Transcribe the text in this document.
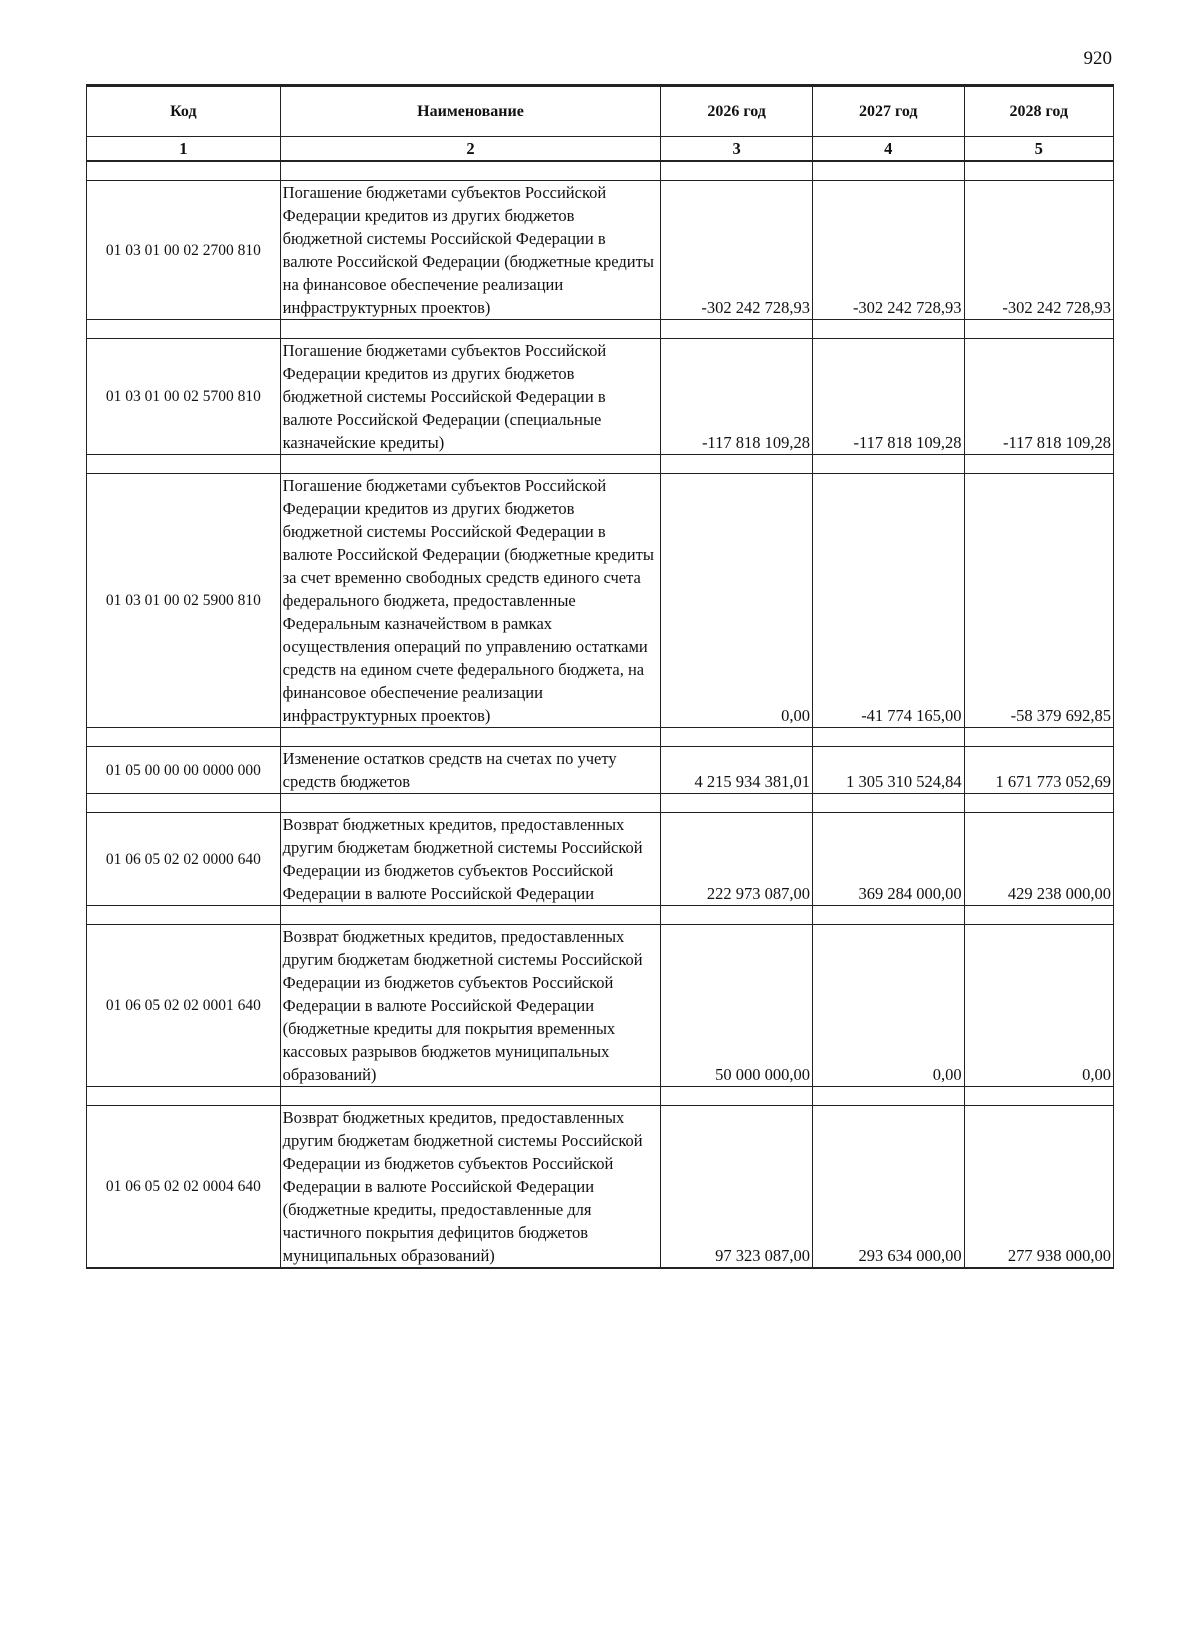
920
Код	Наименование	2026 год	2027 год	2028 год
1	2	3	4	5

01 03 01 00 02 2700 810	Погашение бюджетами субъектов Российской Федерации кредитов из других бюджетов бюджетной системы Российской Федерации в валюте Российской Федерации (бюджетные кредиты на финансовое обеспечение реализации инфраструктурных проектов)	-302 242 728,93	-302 242 728,93	-302 242 728,93

01 03 01 00 02 5700 810	Погашение бюджетами субъектов Российской Федерации кредитов из других бюджетов бюджетной системы Российской Федерации в валюте Российской Федерации (специальные казначейские кредиты)	-117 818 109,28	-117 818 109,28	-117 818 109,28

01 03 01 00 02 5900 810	Погашение бюджетами субъектов Российской Федерации кредитов из других бюджетов бюджетной системы Российской Федерации в валюте Российской Федерации (бюджетные кредиты за счет временно свободных средств единого счета федерального бюджета, предоставленные Федеральным казначейством в рамках осуществления операций по управлению остатками средств на едином счете федерального бюджета, на финансовое обеспечение реализации инфраструктурных проектов)	0,00	-41 774 165,00	-58 379 692,85

01 05 00 00 00 0000 000	Изменение остатков средств на счетах по учету средств бюджетов	4 215 934 381,01	1 305 310 524,84	1 671 773 052,69

01 06 05 02 02 0000 640	Возврат бюджетных кредитов, предоставленных другим бюджетам бюджетной системы Российской Федерации из бюджетов субъектов Российской Федерации в валюте Российской Федерации	222 973 087,00	369 284 000,00	429 238 000,00

01 06 05 02 02 0001 640	Возврат бюджетных кредитов, предоставленных другим бюджетам бюджетной системы Российской Федерации из бюджетов субъектов Российской Федерации в валюте Российской Федерации (бюджетные кредиты для покрытия временных кассовых разрывов бюджетов муниципальных образований)	50 000 000,00	0,00	0,00

01 06 05 02 02 0004 640	Возврат бюджетных кредитов, предоставленных другим бюджетам бюджетной системы Российской Федерации из бюджетов субъектов Российской Федерации в валюте Российской Федерации (бюджетные кредиты, предоставленные для частичного покрытия дефицитов бюджетов муниципальных образований)	97 323 087,00	293 634 000,00	277 938 000,00
